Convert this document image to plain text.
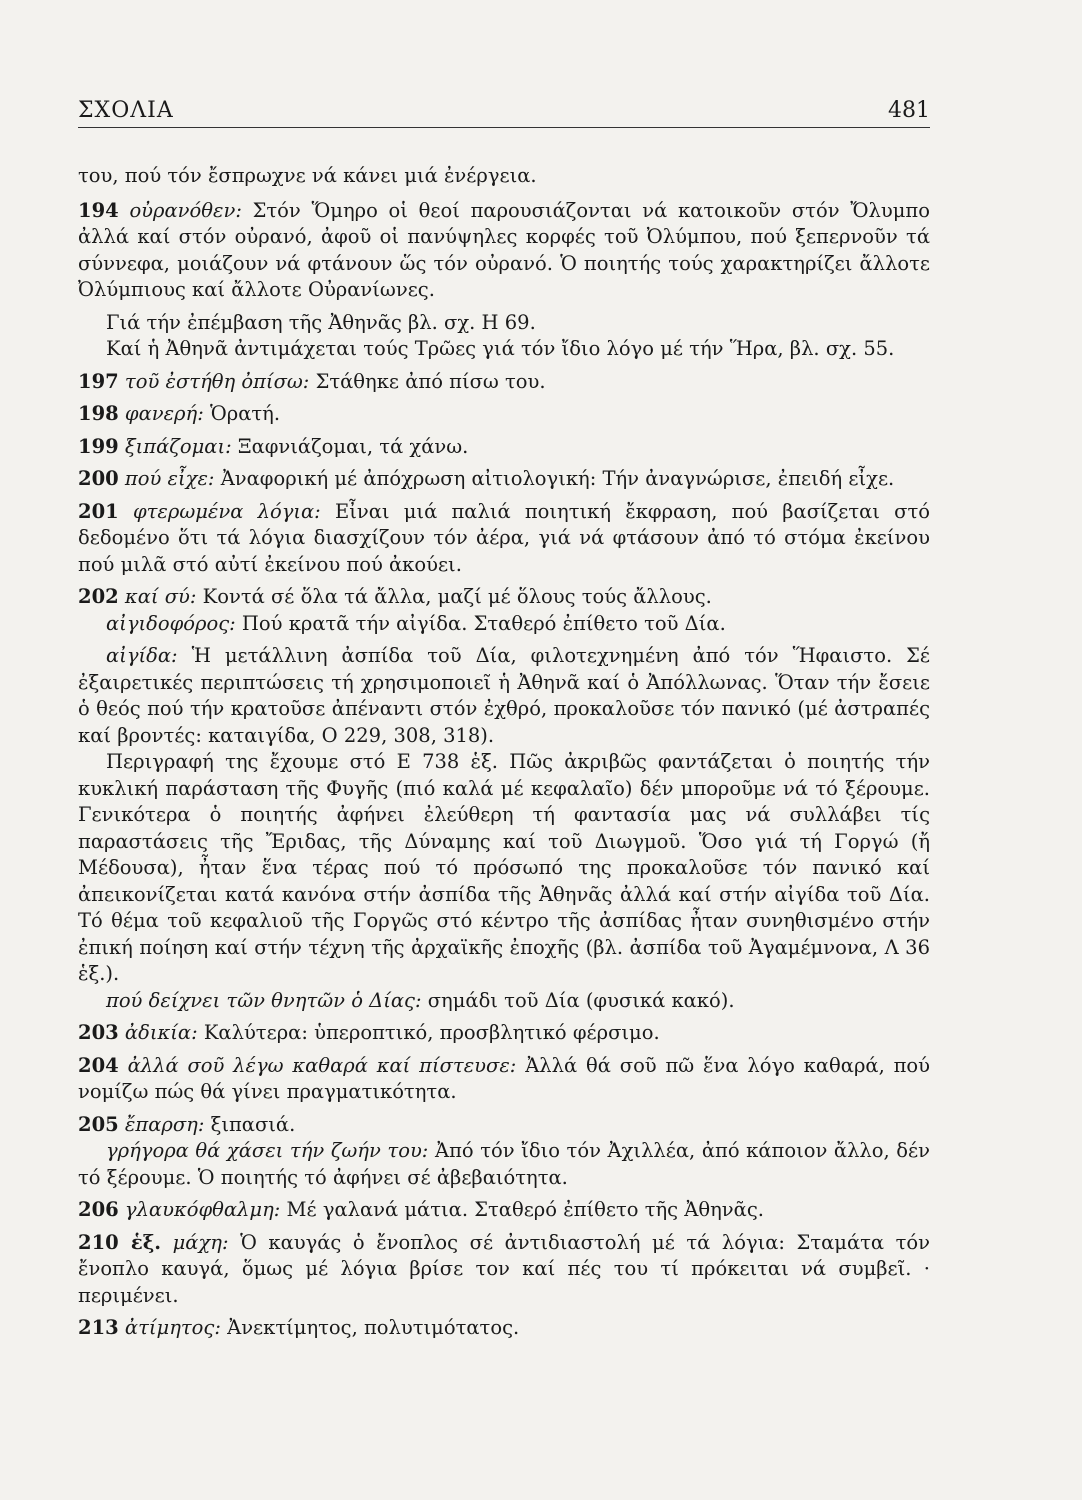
ΣΧΟΛΙΑ	481

του, πού τόν ἔσπρωχνε νά κάνει μιά ἐνέργεια.

194 οὐρανόθεν: Στόν Ὅμηρο οἱ θεοί παρουσιάζονται νά κατοικοῦν στόν Ὄλυμπο ἀλλά καί στόν οὐρανό, ἀφοῦ οἱ πανύψηλες κορφές τοῦ Ὀλύμπου, πού ξεπερνοῦν τά σύννεφα, μοιάζουν νά φτάνουν ὥς τόν οὐρανό. Ὁ ποιητής τούς χαρακτηρίζει ἄλλοτε Ὀλύμπιους καί ἄλλοτε Οὐρανίωνες.

Γιά τήν ἐπέμβαση τῆς Ἀθηνᾶς βλ. σχ. Η 69.

Καί ἡ Ἀθηνᾶ ἀντιμάχεται τούς Τρῶες γιά τόν ἴδιο λόγο μέ τήν Ἥρα, βλ. σχ. 55.

197 τοῦ ἐστήθη ὀπίσω: Στάθηκε ἀπό πίσω του.

198 φανερή: Ὁρατή.

199 ξιπάζομαι: Ξαφνιάζομαι, τά χάνω.

200 πού εἶχε: Ἀναφορική μέ ἀπόχρωση αἰτιολογική: Τήν ἀναγνώρισε, ἐπειδή εἶχε.

201 φτερωμένα λόγια: Εἶναι μιά παλιά ποιητική ἔκφραση, πού βασίζεται στό δεδομένο ὅτι τά λόγια διασχίζουν τόν ἀέρα, γιά νά φτάσουν ἀπό τό στόμα ἐκείνου πού μιλᾶ στό αὐτί ἐκείνου πού ἀκούει.

202 καί σύ: Κοντά σέ ὅλα τά ἄλλα, μαζί μέ ὅλους τούς ἄλλους.

αἰγιδοφόρος: Πού κρατᾶ τήν αἰγίδα. Σταθερό ἐπίθετο τοῦ Δία.

αἰγίδα: Ἡ μετάλλινη ἀσπίδα τοῦ Δία, φιλοτεχνημένη ἀπό τόν Ἥφαιστο. Σέ ἐξαιρετικές περιπτώσεις τή χρησιμοποιεῖ ἡ Ἀθηνᾶ καί ὁ Ἀπόλλωνας. Ὅταν τήν ἔσειε ὁ θεός πού τήν κρατοῦσε ἀπέναντι στόν ἐχθρό, προκαλοῦσε τόν πανικό (μέ ἀστραπές καί βροντές: καταιγίδα, Ο 229, 308, 318).

Περιγραφή της ἔχουμε στό Ε 738 ἑξ. Πῶς ἀκριβῶς φαντάζεται ὁ ποιητής τήν κυκλική παράσταση τῆς Φυγῆς (πιό καλά μέ κεφαλαῖο) δέν μποροῦμε νά τό ξέρουμε. Γενικότερα ὁ ποιητής ἀφήνει ἐλεύθερη τή φαντασία μας νά συλλάβει τίς παραστάσεις τῆς Ἔριδας, τῆς Δύναμης καί τοῦ Διωγμοῦ. Ὅσο γιά τή Γοργώ (ἤ Μέδουσα), ἦταν ἕνα τέρας πού τό πρόσωπό της προκαλοῦσε τόν πανικό καί ἀπεικονίζεται κατά κανόνα στήν ἀσπίδα τῆς Ἀθηνᾶς ἀλλά καί στήν αἰγίδα τοῦ Δία. Τό θέμα τοῦ κεφαλιοῦ τῆς Γοργῶς στό κέντρο τῆς ἀσπίδας ἦταν συνηθισμένο στήν ἐπική ποίηση καί στήν τέχνη τῆς ἀρχαϊκῆς ἐποχῆς (βλ. ἀσπίδα τοῦ Ἀγαμέμνονα, Λ 36 ἑξ.).

πού δείχνει τῶν θνητῶν ὁ Δίας: σημάδι τοῦ Δία (φυσικά κακό).

203 ἀδικία: Καλύτερα: ὑπεροπτικό, προσβλητικό φέρσιμο.

204 ἀλλά σοῦ λέγω καθαρά καί πίστευσε: Ἀλλά θά σοῦ πῶ ἕνα λόγο καθαρά, πού νομίζω πώς θά γίνει πραγματικότητα.

205 ἔπαρση: ξιπασιά.

γρήγορα θά χάσει τήν ζωήν του: Ἀπό τόν ἴδιο τόν Ἀχιλλέα, ἀπό κάποιον ἄλλο, δέν τό ξέρουμε. Ὁ ποιητής τό ἀφήνει σέ ἀβεβαιότητα.

206 γλαυκόφθαλμη: Μέ γαλανά μάτια. Σταθερό ἐπίθετο τῆς Ἀθηνᾶς.

210 ἑξ. μάχη: Ὁ καυγάς ὁ ἔνοπλος σέ ἀντιδιαστολή μέ τά λόγια: Σταμάτα τόν ἔνοπλο καυγά, ὅμως μέ λόγια βρίσε τον καί πές του τί πρόκειται νά συμβεῖ. · περιμένει.

213 ἀτίμητος: Ἀνεκτίμητος, πολυτιμότατος.
